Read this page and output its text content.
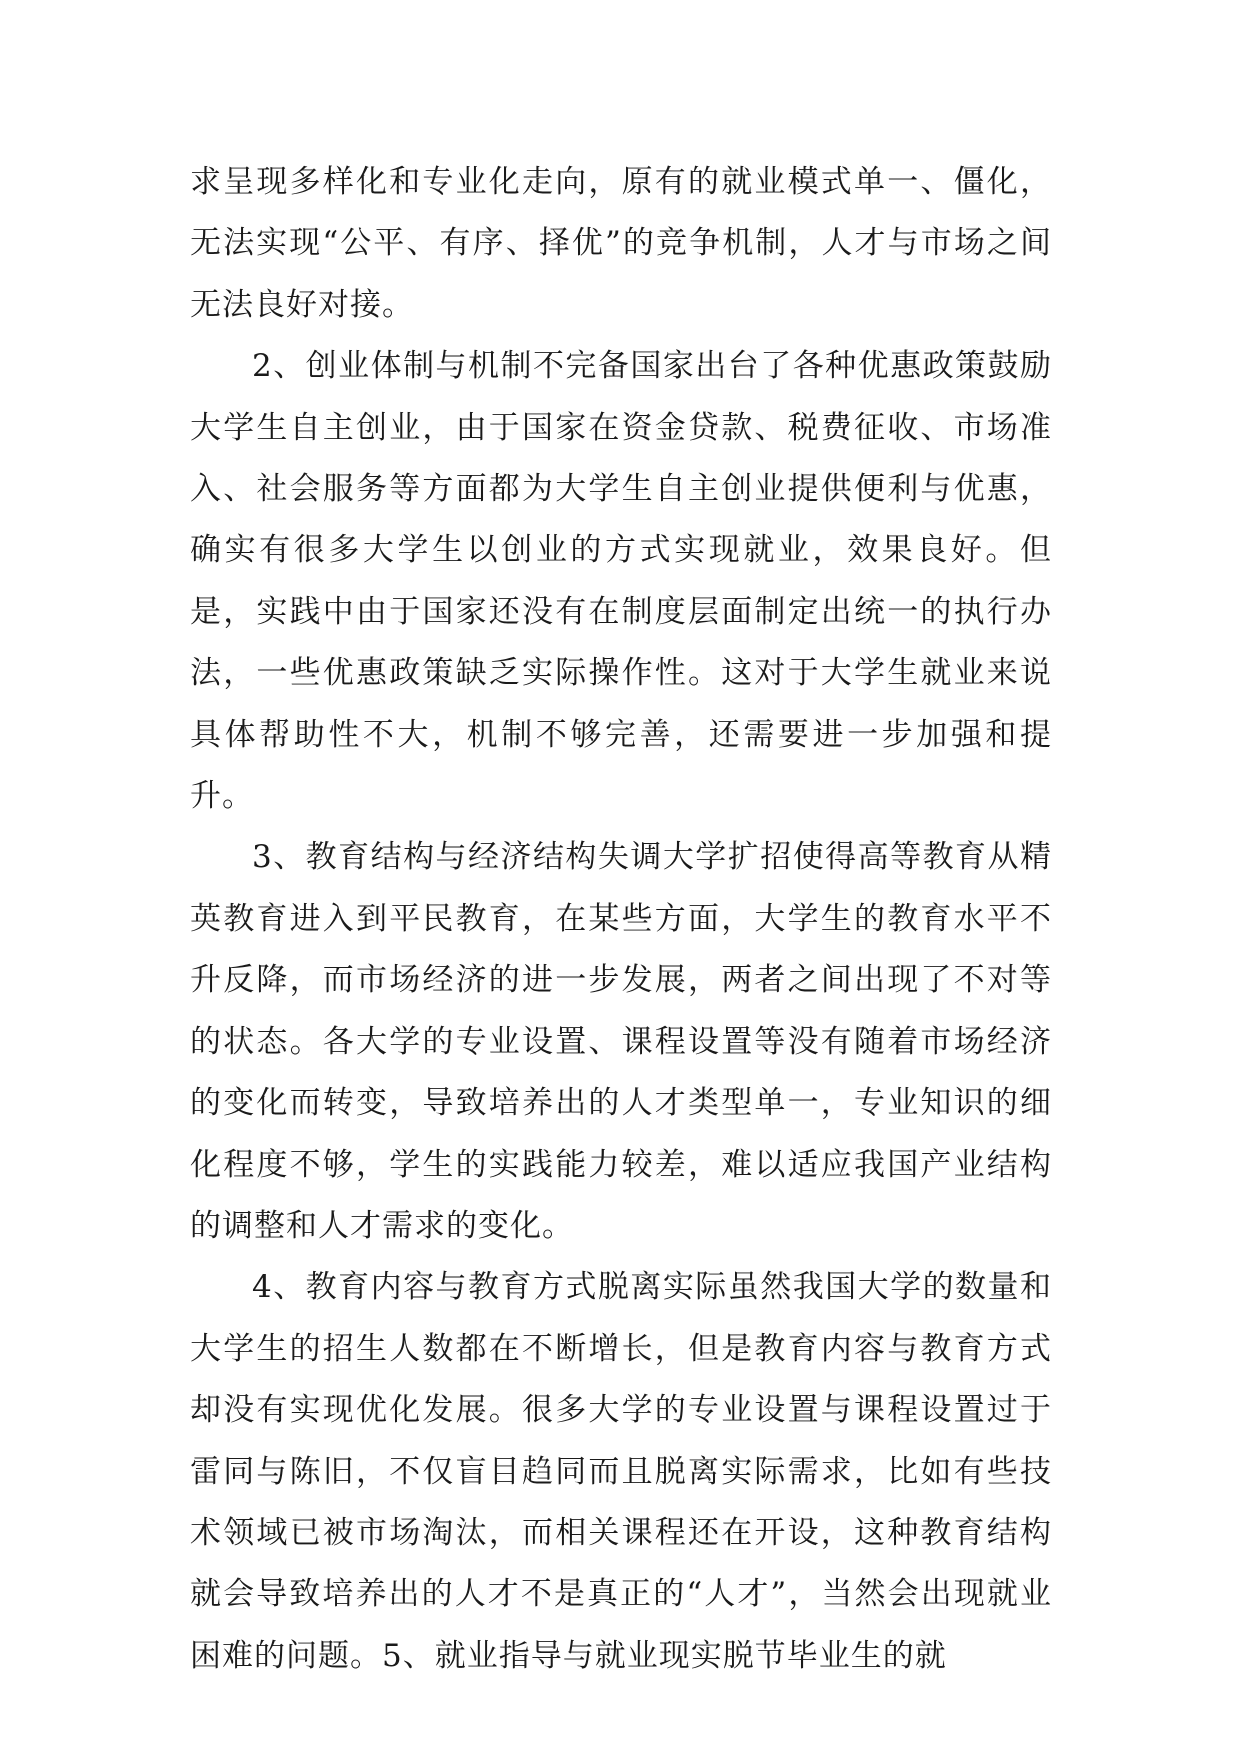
求呈现多样化和专业化走向，原有的就业模式单一、僵化，无法实现“公平、有序、择优”的竞争机制，人才与市场之间无法良好对接。

2、创业体制与机制不完备国家出台了各种优惠政策鼓励大学生自主创业，由于国家在资金贷款、税费征收、市场准入、社会服务等方面都为大学生自主创业提供便利与优惠，确实有很多大学生以创业的方式实现就业，效果良好。但是，实践中由于国家还没有在制度层面制定出统一的执行办法，一些优惠政策缺乏实际操作性。这对于大学生就业来说具体帮助性不大，机制不够完善，还需要进一步加强和提升。

3、教育结构与经济结构失调大学扩招使得高等教育从精英教育进入到平民教育，在某些方面，大学生的教育水平不升反降，而市场经济的进一步发展，两者之间出现了不对等的状态。各大学的专业设置、课程设置等没有随着市场经济的变化而转变，导致培养出的人才类型单一，专业知识的细化程度不够，学生的实践能力较差，难以适应我国产业结构的调整和人才需求的变化。

4、教育内容与教育方式脱离实际虽然我国大学的数量和大学生的招生人数都在不断增长，但是教育内容与教育方式却没有实现优化发展。很多大学的专业设置与课程设置过于雷同与陈旧，不仅盲目趋同而且脱离实际需求，比如有些技术领域已被市场淘汰，而相关课程还在开设，这种教育结构就会导致培养出的人才不是真正的“人才”，当然会出现就业困难的问题。5、就业指导与就业现实脱节毕业生的就
